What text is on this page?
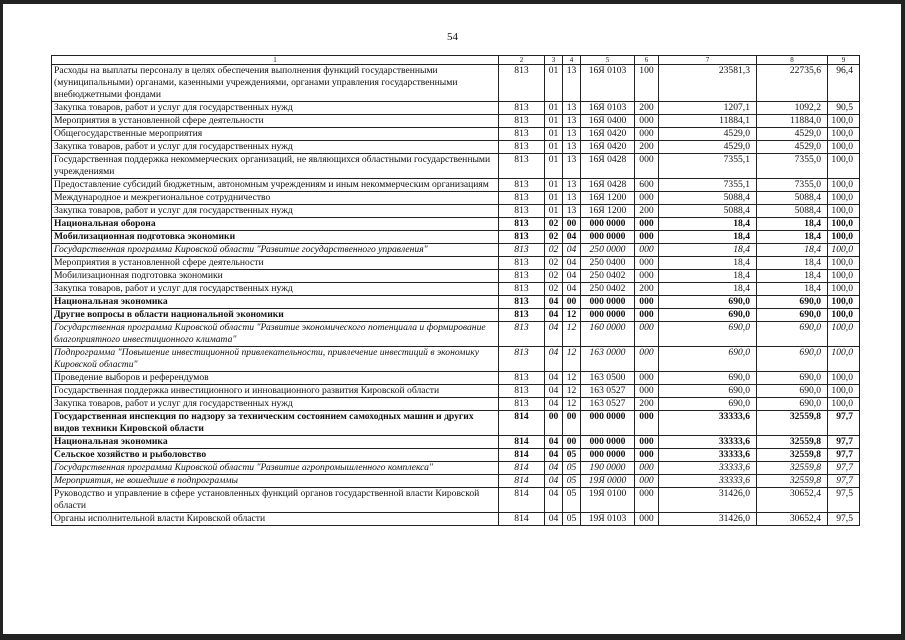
54
1	2	3	4	5	6	7	8	9
Расходы на выплаты персоналу в целях обеспечения выполнения функций государственными (муниципальными) органами, казенными учреждениями, органами управления государственными внебюджетными фондами	813	01	13	16Я 0103	100	23581,3	22735,6	96,4
Закупка товаров, работ и услуг для государственных нужд	813	01	13	16Я 0103	200	1207,1	1092,2	90,5
Мероприятия в установленной сфере деятельности	813	01	13	16Я 0400	000	11884,1	11884,0	100,0
Общегосударственные мероприятия	813	01	13	16Я 0420	000	4529,0	4529,0	100,0
Закупка товаров, работ и услуг для государственных нужд	813	01	13	16Я 0420	200	4529,0	4529,0	100,0
Государственная поддержка некоммерческих организаций, не являющихся областными государственными учреждениями	813	01	13	16Я 0428	000	7355,1	7355,0	100,0
Предоставление субсидий бюджетным, автономным учреждениям и иным некоммерческим организациям	813	01	13	16Я 0428	600	7355,1	7355,0	100,0
Международное и межрегиональное сотрудничество	813	01	13	16Я 1200	000	5088,4	5088,4	100,0
Закупка товаров, работ и услуг для государственных нужд	813	01	13	16Я 1200	200	5088,4	5088,4	100,0
Национальная оборона	813	02	00	000 0000	000	18,4	18,4	100,0
Мобилизационная подготовка экономики	813	02	04	000 0000	000	18,4	18,4	100,0
Государственная программа Кировской области "Развитие государственного управления"	813	02	04	250 0000	000	18,4	18,4	100,0
Мероприятия в установленной сфере деятельности	813	02	04	250 0400	000	18,4	18,4	100,0
Мобилизационная подготовка экономики	813	02	04	250 0402	000	18,4	18,4	100,0
Закупка товаров, работ и услуг для государственных нужд	813	02	04	250 0402	200	18,4	18,4	100,0
Национальная экономика	813	04	00	000 0000	000	690,0	690,0	100,0
Другие вопросы в области национальной экономики	813	04	12	000 0000	000	690,0	690,0	100,0
Государственная программа Кировской области "Развитие экономического потенциала и формирование благоприятного инвестиционного климата"	813	04	12	160 0000	000	690,0	690,0	100,0
Подпрограмма "Повышение инвестиционной привлекательности, привлечение инвестиций в экономику Кировской области"	813	04	12	163 0000	000	690,0	690,0	100,0
Проведение выборов и референдумов	813	04	12	163 0500	000	690,0	690,0	100,0
Государственная поддержка инвестиционного и инновационного развития Кировской области	813	04	12	163 0527	000	690,0	690,0	100,0
Закупка товаров, работ и услуг для государственных нужд	813	04	12	163 0527	200	690,0	690,0	100,0
Государственная инспекция по надзору за техническим состоянием самоходных машин и других видов техники Кировской области	814	00	00	000 0000	000	33333,6	32559,8	97,7
Национальная экономика	814	04	00	000 0000	000	33333,6	32559,8	97,7
Сельское хозяйство и рыболовство	814	04	05	000 0000	000	33333,6	32559,8	97,7
Государственная программа Кировской области "Развитие агропромышленного комплекса"	814	04	05	190 0000	000	33333,6	32559,8	97,7
Мероприятия, не вошедшие в подпрограммы	814	04	05	19Я 0000	000	33333,6	32559,8	97,7
Руководство и управление в сфере установленных функций органов государственной власти Кировской области	814	04	05	19Я 0100	000	31426,0	30652,4	97,5
Органы исполнительной власти Кировской области	814	04	05	19Я 0103	000	31426,0	30652,4	97,5
